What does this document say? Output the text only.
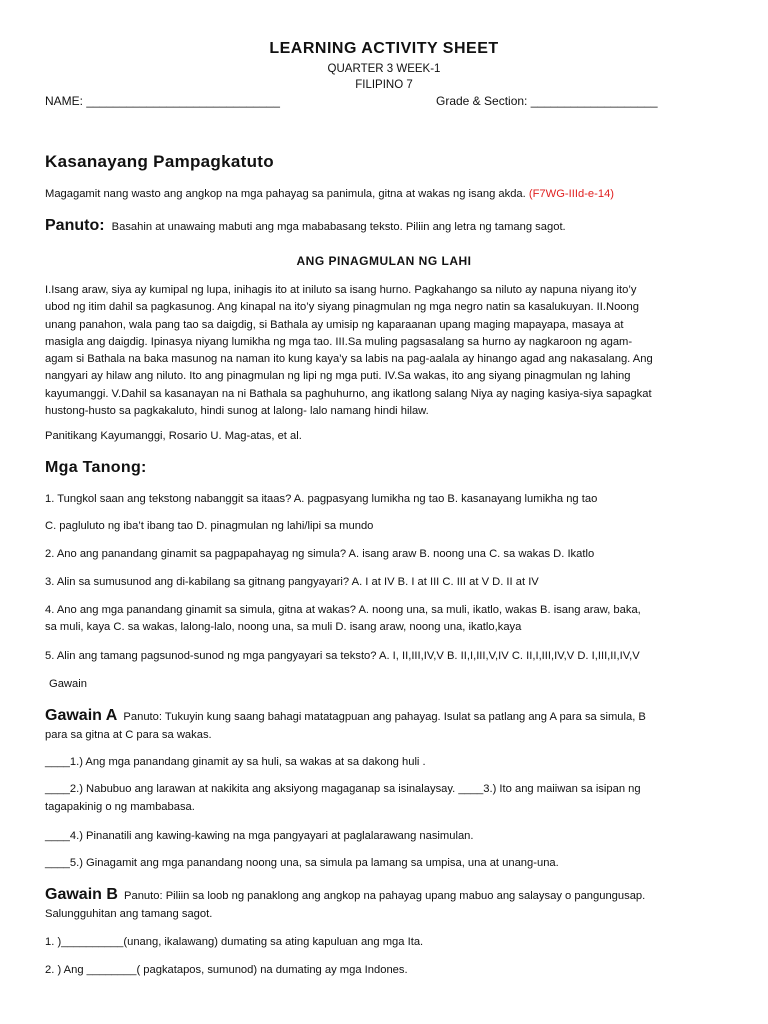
LEARNING ACTIVITY SHEET
QUARTER 3 WEEK-1
FILIPINO 7
NAME: _____________________________	Grade & Section: ___________________
Kasanayang Pampagkatuto
Magagamit nang wasto ang angkop na mga pahayag sa panimula, gitna at wakas ng isang akda. (F7WG-IIId-e-14)
Panuto: Basahin at unawaing mabuti ang mga mababasang teksto. Piliin ang letra ng tamang sagot.
ANG PINAGMULAN NG LAHI
I.Isang araw, siya ay kumipal ng lupa, inihagis ito at iniluto sa isang hurno. Pagkahango sa niluto ay napuna niyang ito’y
ubod ng itim dahil sa pagkasunog. Ang kinapal na ito’y siyang pinagmulan ng mga negro natin sa kasalukuyan. II.Noong
unang panahon, wala pang tao sa daigdig, si Bathala ay umisip ng kaparaanan upang maging mapayapa, masaya at
masigla ang daigdig. Ipinasya niyang lumikha ng mga tao. III.Sa muling pagsasalang sa hurno ay nagkaroon ng agam-
agam si Bathala na baka masunog na naman ito kung kaya’y sa labis na pag-aalala ay hinango agad ang nakasalang. Ang
nangyari ay hilaw ang niluto. Ito ang pinagmulan ng lipi ng mga puti. IV.Sa wakas, ito ang siyang pinagmulan ng lahing
kayumanggi. V.Dahil sa kasanayan na ni Bathala sa paghuhurno, ang ikatlong salang Niya ay naging kasiya-siya sapagkat
hustong-husto sa pagkakaluto, hindi sunog at lalong- lalo namang hindi hilaw.
Panitikang Kayumanggi, Rosario U. Mag-atas, et al.
Mga Tanong:
1. Tungkol saan ang tekstong nabanggit sa itaas? A. pagpasyang lumikha ng tao B. kasanayang lumikha ng tao
C. pagluluto ng iba’t ibang tao D. pinagmulan ng lahi/lipi sa mundo
2. Ano ang panandang ginamit sa pagpapahayag ng simula? A. isang araw B. noong una C. sa wakas D. Ikatlo
3. Alin sa sumusunod ang di-kabilang sa gitnang pangyayari? A. I at IV B. I at III C. III at V D. II at IV
4. Ano ang mga panandang ginamit sa simula, gitna at wakas? A. noong una, sa muli, ikatlo, wakas B. isang araw, baka,
sa muli, kaya C. sa wakas, lalong-lalo, noong una, sa muli D. isang araw, noong una, ikatlo,kaya
5. Alin ang tamang pagsunod-sunod ng mga pangyayari sa teksto? A. I, II,III,IV,V B. II,I,III,V,IV C. II,I,III,IV,V D. I,III,II,IV,V
Gawain
Gawain A Panuto: Tukuyin kung saang bahagi matatagpuan ang pahayag. Isulat sa patlang ang A para sa simula, B
para sa gitna at C para sa wakas.
____1.) Ang mga panandang ginamit ay sa huli, sa wakas at sa dakong huli .
____2.) Nabubuo ang larawan at nakikita ang aksiyong magaganap sa isinalaysay. ____3.) Ito ang maiiwan sa isipan ng
tagapakinig o ng mambabasa.
____4.) Pinanatili ang kawing-kawing na mga pangyayari at paglalarawang nasimulan.
____5.) Ginagamit ang mga panandang noong una, sa simula pa lamang sa umpisa, una at unang-una.
Gawain B Panuto: Piliin sa loob ng panaklong ang angkop na pahayag upang mabuo ang salaysay o pangungusap.
Salungguhitan ang tamang sagot.
1. )__________(unang, ikalawang) dumating sa ating kapuluan ang mga Ita.
2. ) Ang ________( pagkatapos, sumunod) na dumating ay mga Indones.
